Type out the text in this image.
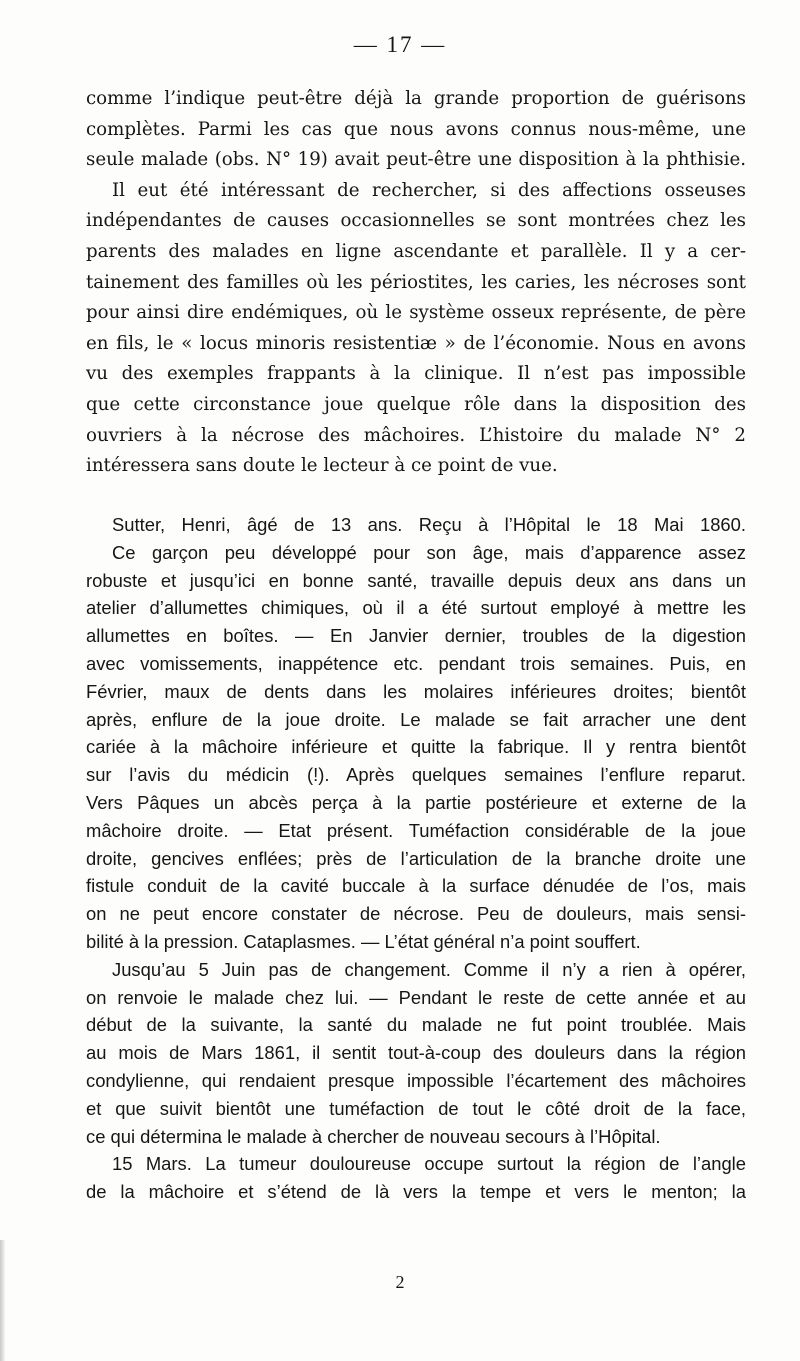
— 17 —

comme l’indique peut-être déjà la grande proportion de guérisons
complètes. Parmi les cas que nous avons connus nous-même, une
seule malade (obs. N° 19) avait peut-être une disposition à la phthisie.
Il eut été intéressant de rechercher, si des affections osseuses
indépendantes de causes occasionnelles se sont montrées chez les
parents des malades en ligne ascendante et parallèle. Il y a cer-
tainement des familles où les périostites, les caries, les nécroses sont
pour ainsi dire endémiques, où le système osseux représente, de père
en fils, le « locus minoris resistentiæ » de l’économie. Nous en avons
vu des exemples frappants à la clinique. Il n’est pas impossible
que cette circonstance joue quelque rôle dans la disposition des
ouvriers à la nécrose des mâchoires. L’histoire du malade N° 2
intéressera sans doute le lecteur à ce point de vue.

Sutter, Henri, âgé de 13 ans. Reçu à l’Hôpital le 18 Mai 1860.
Ce garçon peu développé pour son âge, mais d’apparence assez
robuste et jusqu’ici en bonne santé, travaille depuis deux ans dans un
atelier d’allumettes chimiques, où il a été surtout employé à mettre les
allumettes en boîtes. — En Janvier dernier, troubles de la digestion
avec vomissements, inappétence etc. pendant trois semaines. Puis, en
Février, maux de dents dans les molaires inférieures droites; bientôt
après, enflure de la joue droite. Le malade se fait arracher une dent
cariée à la mâchoire inférieure et quitte la fabrique. Il y rentra bientôt
sur l’avis du médicin (!). Après quelques semaines l’enflure reparut.
Vers Pâques un abcès perça à la partie postérieure et externe de la
mâchoire droite. — Etat présent. Tuméfaction considérable de la joue
droite, gencives enflées; près de l’articulation de la branche droite une
fistule conduit de la cavité buccale à la surface dénudée de l’os, mais
on ne peut encore constater de nécrose. Peu de douleurs, mais sensi-
bilité à la pression. Cataplasmes. — L’état général n’a point souffert.
Jusqu’au 5 Juin pas de changement. Comme il n’y a rien à opérer,
on renvoie le malade chez lui. — Pendant le reste de cette année et au
début de la suivante, la santé du malade ne fut point troublée. Mais
au mois de Mars 1861, il sentit tout-à-coup des douleurs dans la région
condylienne, qui rendaient presque impossible l’écartement des mâchoires
et que suivit bientôt une tuméfaction de tout le côté droit de la face,
ce qui détermina le malade à chercher de nouveau secours à l’Hôpital.
15 Mars. La tumeur douloureuse occupe surtout la région de l’angle
de la mâchoire et s’étend de là vers la tempe et vers le menton; la

2
